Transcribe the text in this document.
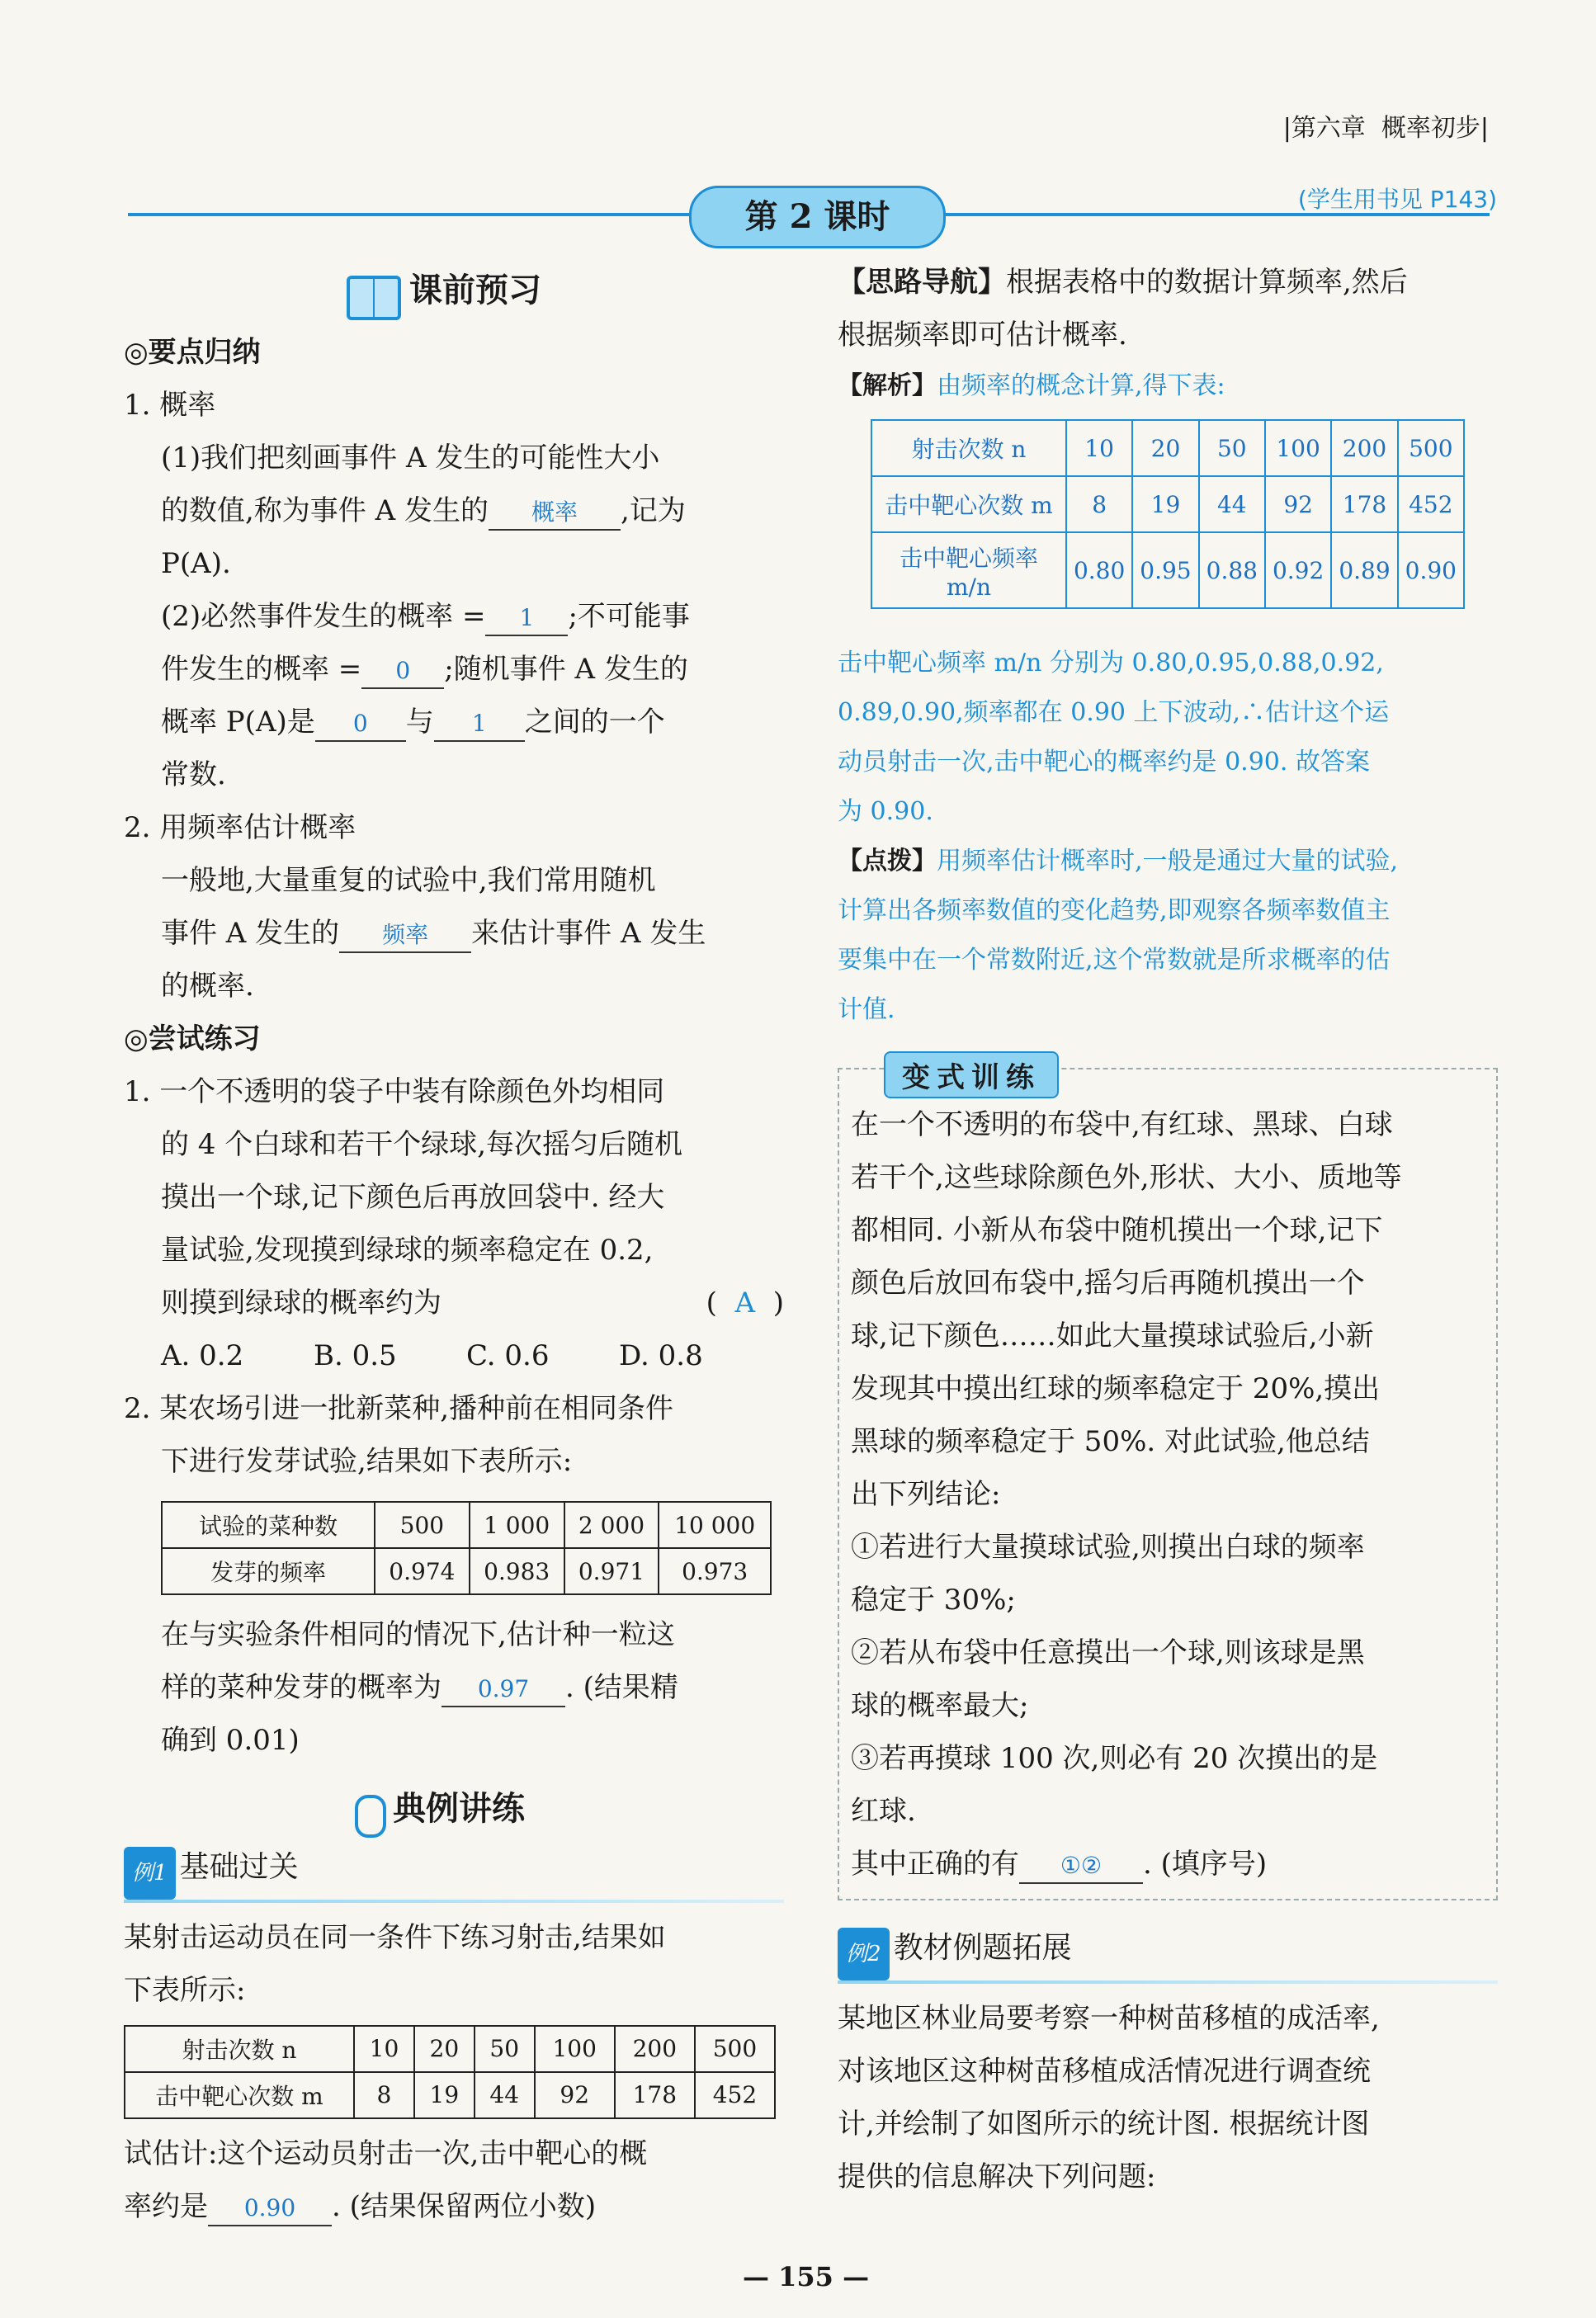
|第六章 概率初步|
第 2 课时	(学生用书见 P143)
课前预习
◎要点归纳
1. 概率
(1)我们把刻画事件 A 发生的可能性大小
的数值,称为事件 A 发生的 概率 ,记为
P(A).
(2)必然事件发生的概率 = 1 ;不可能事
件发生的概率 = 0 ;随机事件 A 发生的
概率 P(A)是 0 与 1 之间的一个
常数.
2. 用频率估计概率
一般地,大量重复的试验中,我们常用随机
事件 A 发生的 频率 来估计事件 A 发生
的概率.
◎尝试练习
1. 一个不透明的袋子中装有除颜色外均相同
的 4 个白球和若干个绿球,每次摇匀后随机
摸出一个球,记下颜色后再放回袋中. 经大
量试验,发现摸到绿球的频率稳定在 0.2,
则摸到绿球的概率约为	(  A  )
A. 0.2 B. 0.5 C. 0.6 D. 0.8
2. 某农场引进一批新菜种,播种前在相同条件
下进行发芽试验,结果如下表所示:
试验的菜种数	500	1 000	2 000	10 000
发芽的频率	0.974	0.983	0.971	0.973
在与实验条件相同的情况下,估计种一粒这
样的菜种发芽的概率为 0.97 . (结果精
确到 0.01)
典例讲练
例1 基础过关
某射击运动员在同一条件下练习射击,结果如
下表所示:
射击次数 n	10	20	50	100	200	500
击中靶心次数 m	8	19	44	92	178	452
试估计:这个运动员射击一次,击中靶心的概
率约是 0.90 . (结果保留两位小数)
【思路导航】根据表格中的数据计算频率,然后
根据频率即可估计概率.
【解析】由频率的概念计算,得下表:
射击次数 n	10	20	50	100	200	500
击中靶心次数 m	8	19	44	92	178	452
击中靶心频率 m/n	0.80	0.95	0.88	0.92	0.89	0.90
击中靶心频率 m/n 分别为 0.80,0.95,0.88,0.92,
0.89,0.90,频率都在 0.90 上下波动,∴估计这个运
动员射击一次,击中靶心的概率约是 0.90. 故答案
为 0.90.
【点拨】用频率估计概率时,一般是通过大量的试验,
计算出各频率数值的变化趋势,即观察各频率数值主
要集中在一个常数附近,这个常数就是所求概率的估
计值.
变式训练
在一个不透明的布袋中,有红球、黑球、白球
若干个,这些球除颜色外,形状、大小、质地等
都相同. 小新从布袋中随机摸出一个球,记下
颜色后放回布袋中,摇匀后再随机摸出一个
球,记下颜色……如此大量摸球试验后,小新
发现其中摸出红球的频率稳定于 20%,摸出
黑球的频率稳定于 50%. 对此试验,他总结
出下列结论:
①若进行大量摸球试验,则摸出白球的频率
稳定于 30%;
②若从布袋中任意摸出一个球,则该球是黑
球的概率最大;
③若再摸球 100 次,则必有 20 次摸出的是
红球.
其中正确的有 ①② . (填序号)
例2 教材例题拓展
某地区林业局要考察一种树苗移植的成活率,
对该地区这种树苗移植成活情况进行调查统
计,并绘制了如图所示的统计图. 根据统计图
提供的信息解决下列问题:
— 155 —
